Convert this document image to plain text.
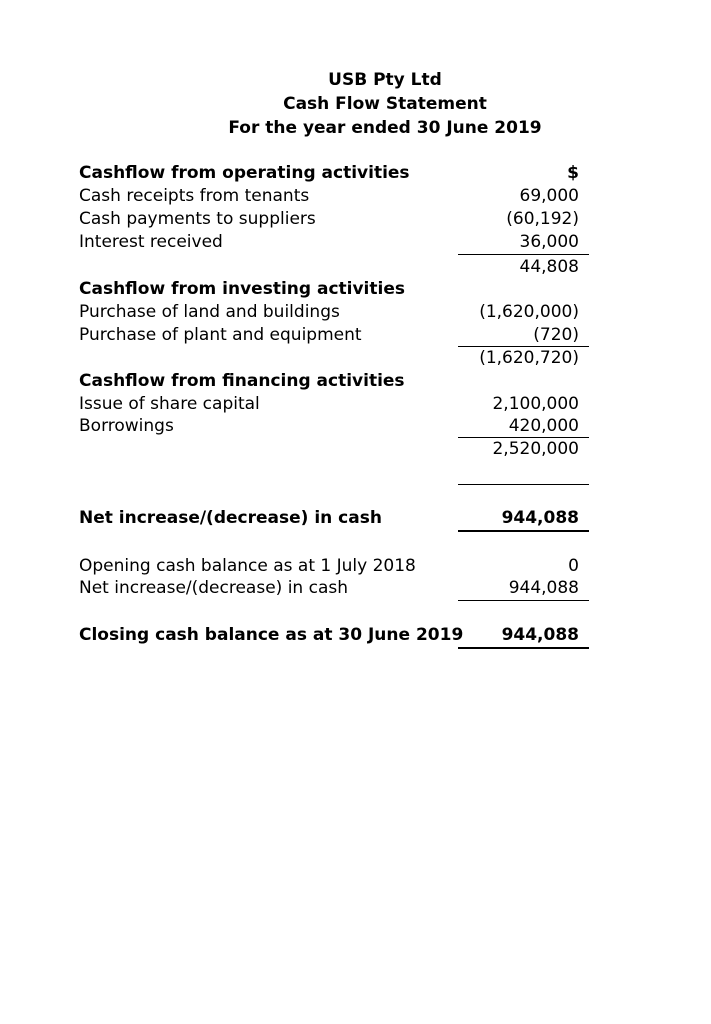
USB Pty Ltd
Cash Flow Statement
For the year ended 30 June 2019
Cashflow from operating activities	$
Cash receipts from tenants	69,000
Cash payments to suppliers	(60,192)
Interest received	36,000
44,808
Cashflow from investing activities
Purchase of land and buildings	(1,620,000)
Purchase of plant and equipment	(720)
(1,620,720)
Cashflow from financing activities
Issue of share capital	2,100,000
Borrowings	420,000
2,520,000
Net increase/(decrease) in cash	944,088
Opening cash balance as at 1 July 2018	0
Net increase/(decrease) in cash	944,088
Closing cash balance as at 30 June 2019 944,088
